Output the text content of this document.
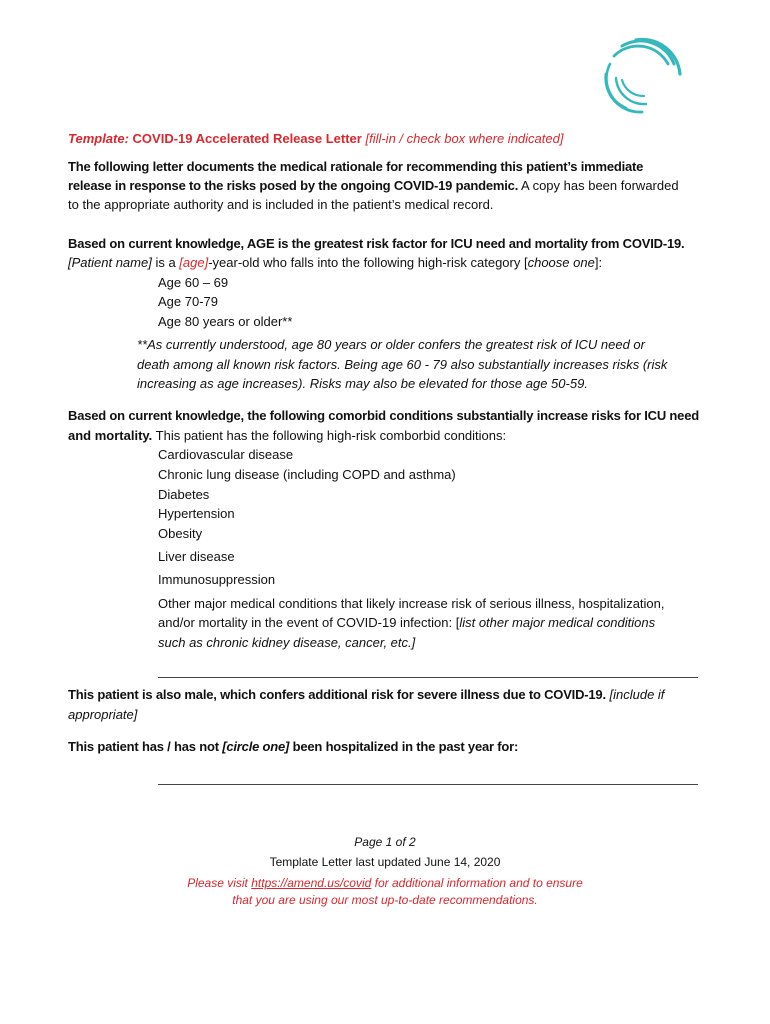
Template: COVID-19 Accelerated Release Letter [fill-in / check box where indicated]
The following letter documents the medical rationale for recommending this patient’s immediate
release in response to the risks posed by the ongoing COVID-19 pandemic. A copy has been forwarded
to the appropriate authority and is included in the patient’s medical record.
Based on current knowledge, AGE is the greatest risk factor for ICU need and mortality from COVID-19.
[Patient name] is a [age]-year-old who falls into the following high-risk category [choose one]:
Age 60 – 69
Age 70-79
Age 80 years or older**
**As currently understood, age 80 years or older confers the greatest risk of ICU need or
death among all known risk factors. Being age 60 - 79 also substantially increases risks (risk
increasing as age increases). Risks may also be elevated for those age 50-59.
Based on current knowledge, the following comorbid conditions substantially increase risks for ICU need
and mortality. This patient has the following high-risk comborbid conditions:
Cardiovascular disease
Chronic lung disease (including COPD and asthma)
Diabetes
Hypertension
Obesity
Liver disease
Immunosuppression
Other major medical conditions that likely increase risk of serious illness, hospitalization,
and/or mortality in the event of COVID-19 infection: [list other major medical conditions
such as chronic kidney disease, cancer, etc.]
This patient is also male, which confers additional risk for severe illness due to COVID-19. [include if
appropriate]
This patient has / has not [circle one] been hospitalized in the past year for:
Page 1 of 2
Template Letter last updated June 14, 2020
Please visit https://amend.us/covid for additional information and to ensure
that you are using our most up-to-date recommendations.
